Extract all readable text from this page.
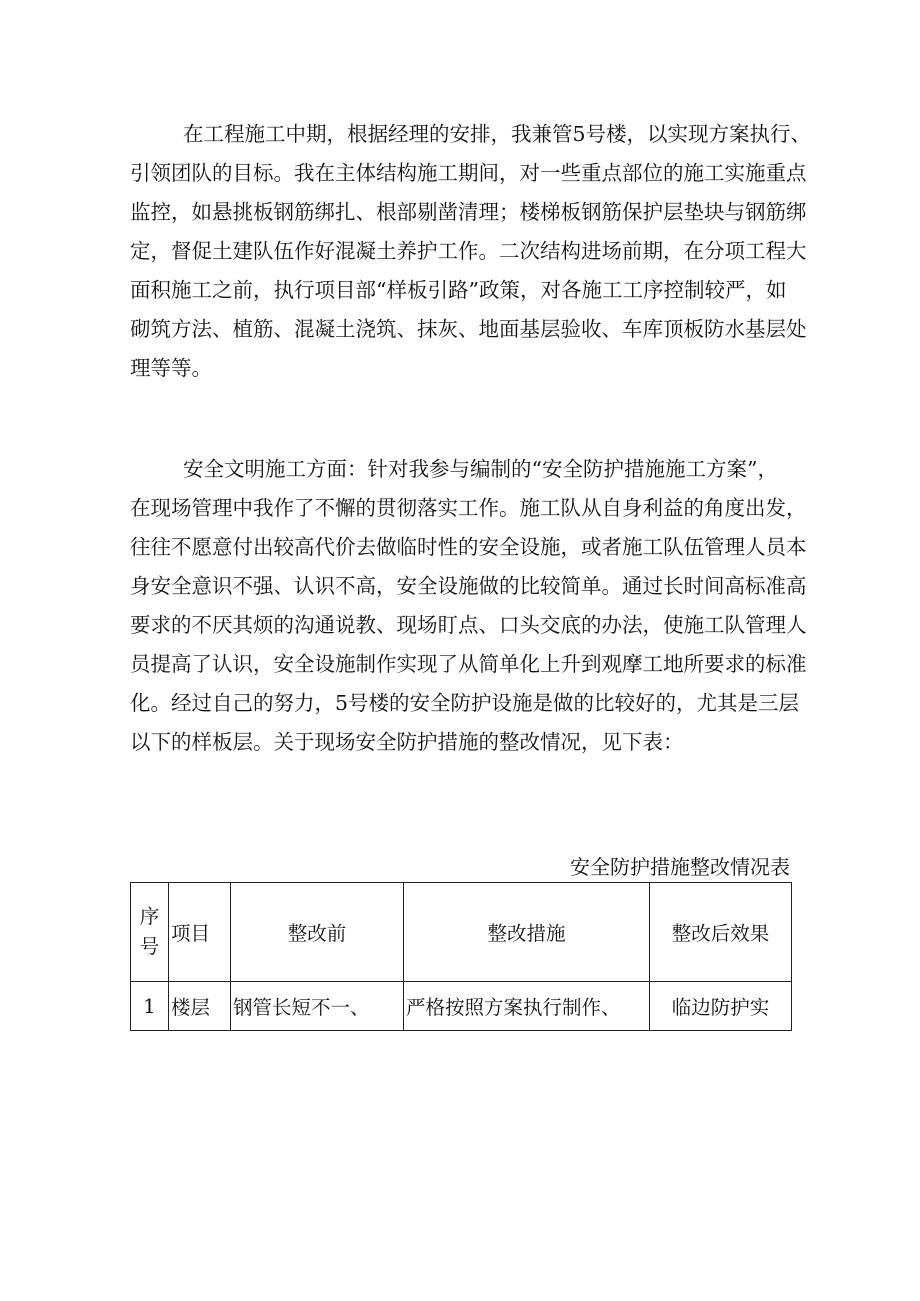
在工程施工中期，根据经理的安排，我兼管5号楼，以实现方案执行、
引领团队的目标。我在主体结构施工期间，对一些重点部位的施工实施重点
监控，如悬挑板钢筋绑扎、根部剔凿清理；楼梯板钢筋保护层垫块与钢筋绑
定，督促土建队伍作好混凝土养护工作。二次结构进场前期，在分项工程大
面积施工之前，执行项目部“样板引路”政策，对各施工工序控制较严，如
砌筑方法、植筋、混凝土浇筑、抹灰、地面基层验收、车库顶板防水基层处
理等等。
安全文明施工方面：针对我参与编制的“安全防护措施施工方案”，
在现场管理中我作了不懈的贯彻落实工作。施工队从自身利益的角度出发，
往往不愿意付出较高代价去做临时性的安全设施，或者施工队伍管理人员本
身安全意识不强、认识不高，安全设施做的比较简单。通过长时间高标准高
要求的不厌其烦的沟通说教、现场盯点、口头交底的办法，使施工队管理人
员提高了认识，安全设施制作实现了从简单化上升到观摩工地所要求的标准
化。经过自己的努力，5号楼的安全防护设施是做的比较好的，尤其是三层
以下的样板层。关于现场安全防护措施的整改情况，见下表：

安全防护措施整改情况表

序
号	项目	整改前	整改措施	整改后效果
1	楼层	钢管长短不一、	严格按照方案执行制作、	临边防护实
